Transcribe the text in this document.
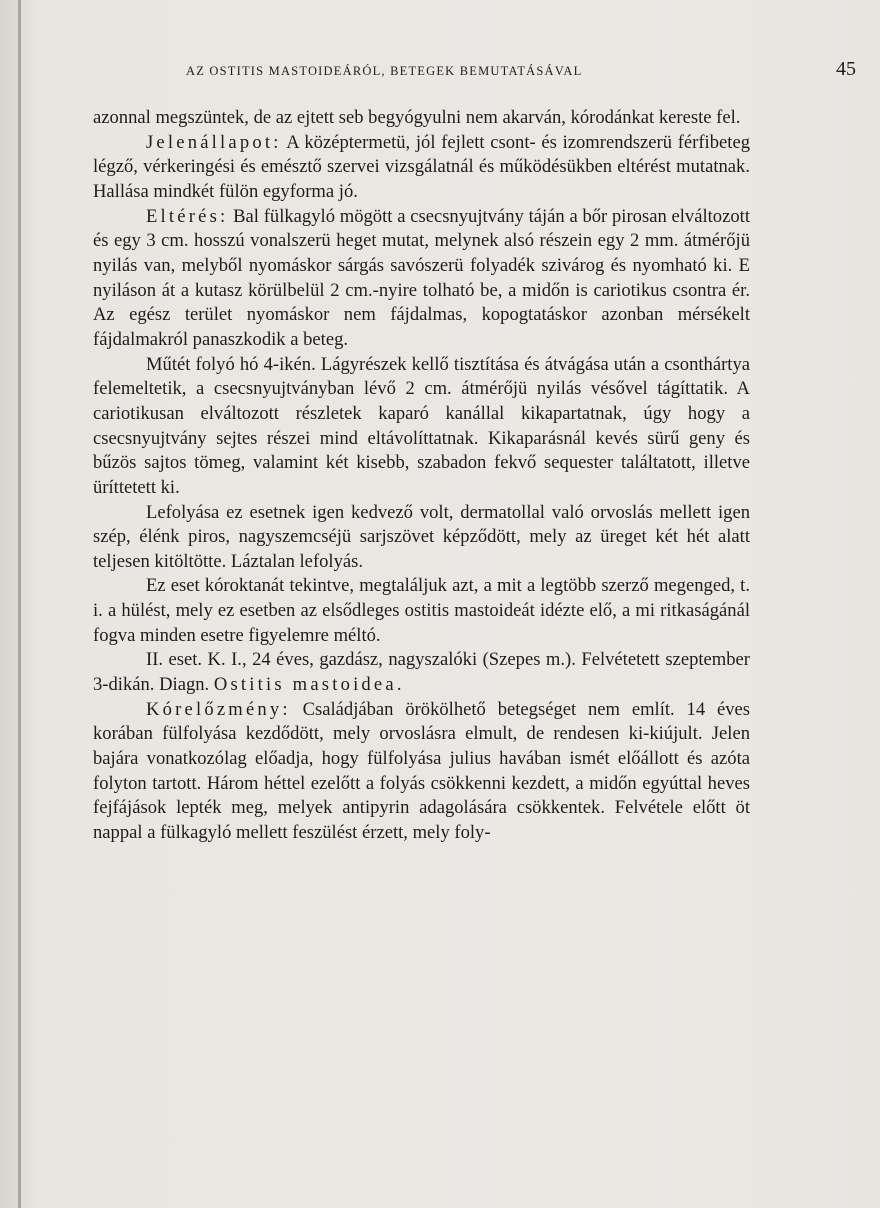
AZ OSTITIS MASTOIDEÁRÓL, BETEGEK BEMUTATÁSÁVAL	45

azonnal megszüntek, de az ejtett seb begyógyulni nem akarván, kórodánkat kereste fel.

Jelenállapot: A középtermetü, jól fejlett csont- és izomrendszerü férfibeteg légző, vérkeringési és emésztő szervei vizsgálatnál és működésükben eltérést mutatnak. Hallása mindkét fülön egyforma jó.

Eltérés: Bal fülkagyló mögött a csecsnyujtvány táján a bőr pirosan elváltozott és egy 3 cm. hosszú vonalszerü heget mutat, melynek alsó részein egy 2 mm. átmérőjü nyilás van, melyből nyomáskor sárgás savószerü folyadék szivárog és nyomható ki. E nyiláson át a kutasz körülbelül 2 cm.-nyire tolható be, a midőn is cariotikus csontra ér. Az egész terület nyomáskor nem fájdalmas, kopogtatáskor azonban mérsékelt fájdalmakról panaszkodik a beteg.

Műtét folyó hó 4-ikén. Lágyrészek kellő tisztítása és átvágása után a csonthártya felemeltetik, a csecsnyujtványban lévő 2 cm. átmérőjü nyilás vésővel tágíttatik. A cariotikusan elváltozott részletek kaparó kanállal kikapartatnak, úgy hogy a csecsnyujtvány sejtes részei mind eltávolíttatnak. Kikaparásnál kevés sürű geny és bűzös sajtos tömeg, valamint két kisebb, szabadon fekvő sequester találtatott, illetve üríttetett ki.

Lefolyása ez esetnek igen kedvező volt, dermatollal való orvoslás mellett igen szép, élénk piros, nagyszemcséjü sarjszövet képződött, mely az üreget két hét alatt teljesen kitöltötte. Láztalan lefolyás.

Ez eset kóroktanát tekintve, megtaláljuk azt, a mit a legtöbb szerző megenged, t. i. a hülést, mely ez esetben az elsődleges ostitis mastoideát idézte elő, a mi ritkaságánál fogva minden esetre figyelemre méltó.

II. eset. K. I., 24 éves, gazdász, nagyszalóki (Szepes m.). Felvétetett szeptember 3-dikán. Diagn. Ostitis mastoidea.

Kórelőzmény: Családjában örökölhető betegséget nem említ. 14 éves korában fülfolyása kezdődött, mely orvoslásra elmult, de rendesen ki-kiújult. Jelen bajára vonatkozólag előadja, hogy fülfolyása julius havában ismét előállott és azóta folyton tartott. Három héttel ezelőtt a folyás csökkenni kezdett, a midőn egyúttal heves fejfájások lepték meg, melyek antipyrin adagolására csökkentek. Felvétele előtt öt nappal a fülkagyló mellett feszülést érzett, mely foly-
